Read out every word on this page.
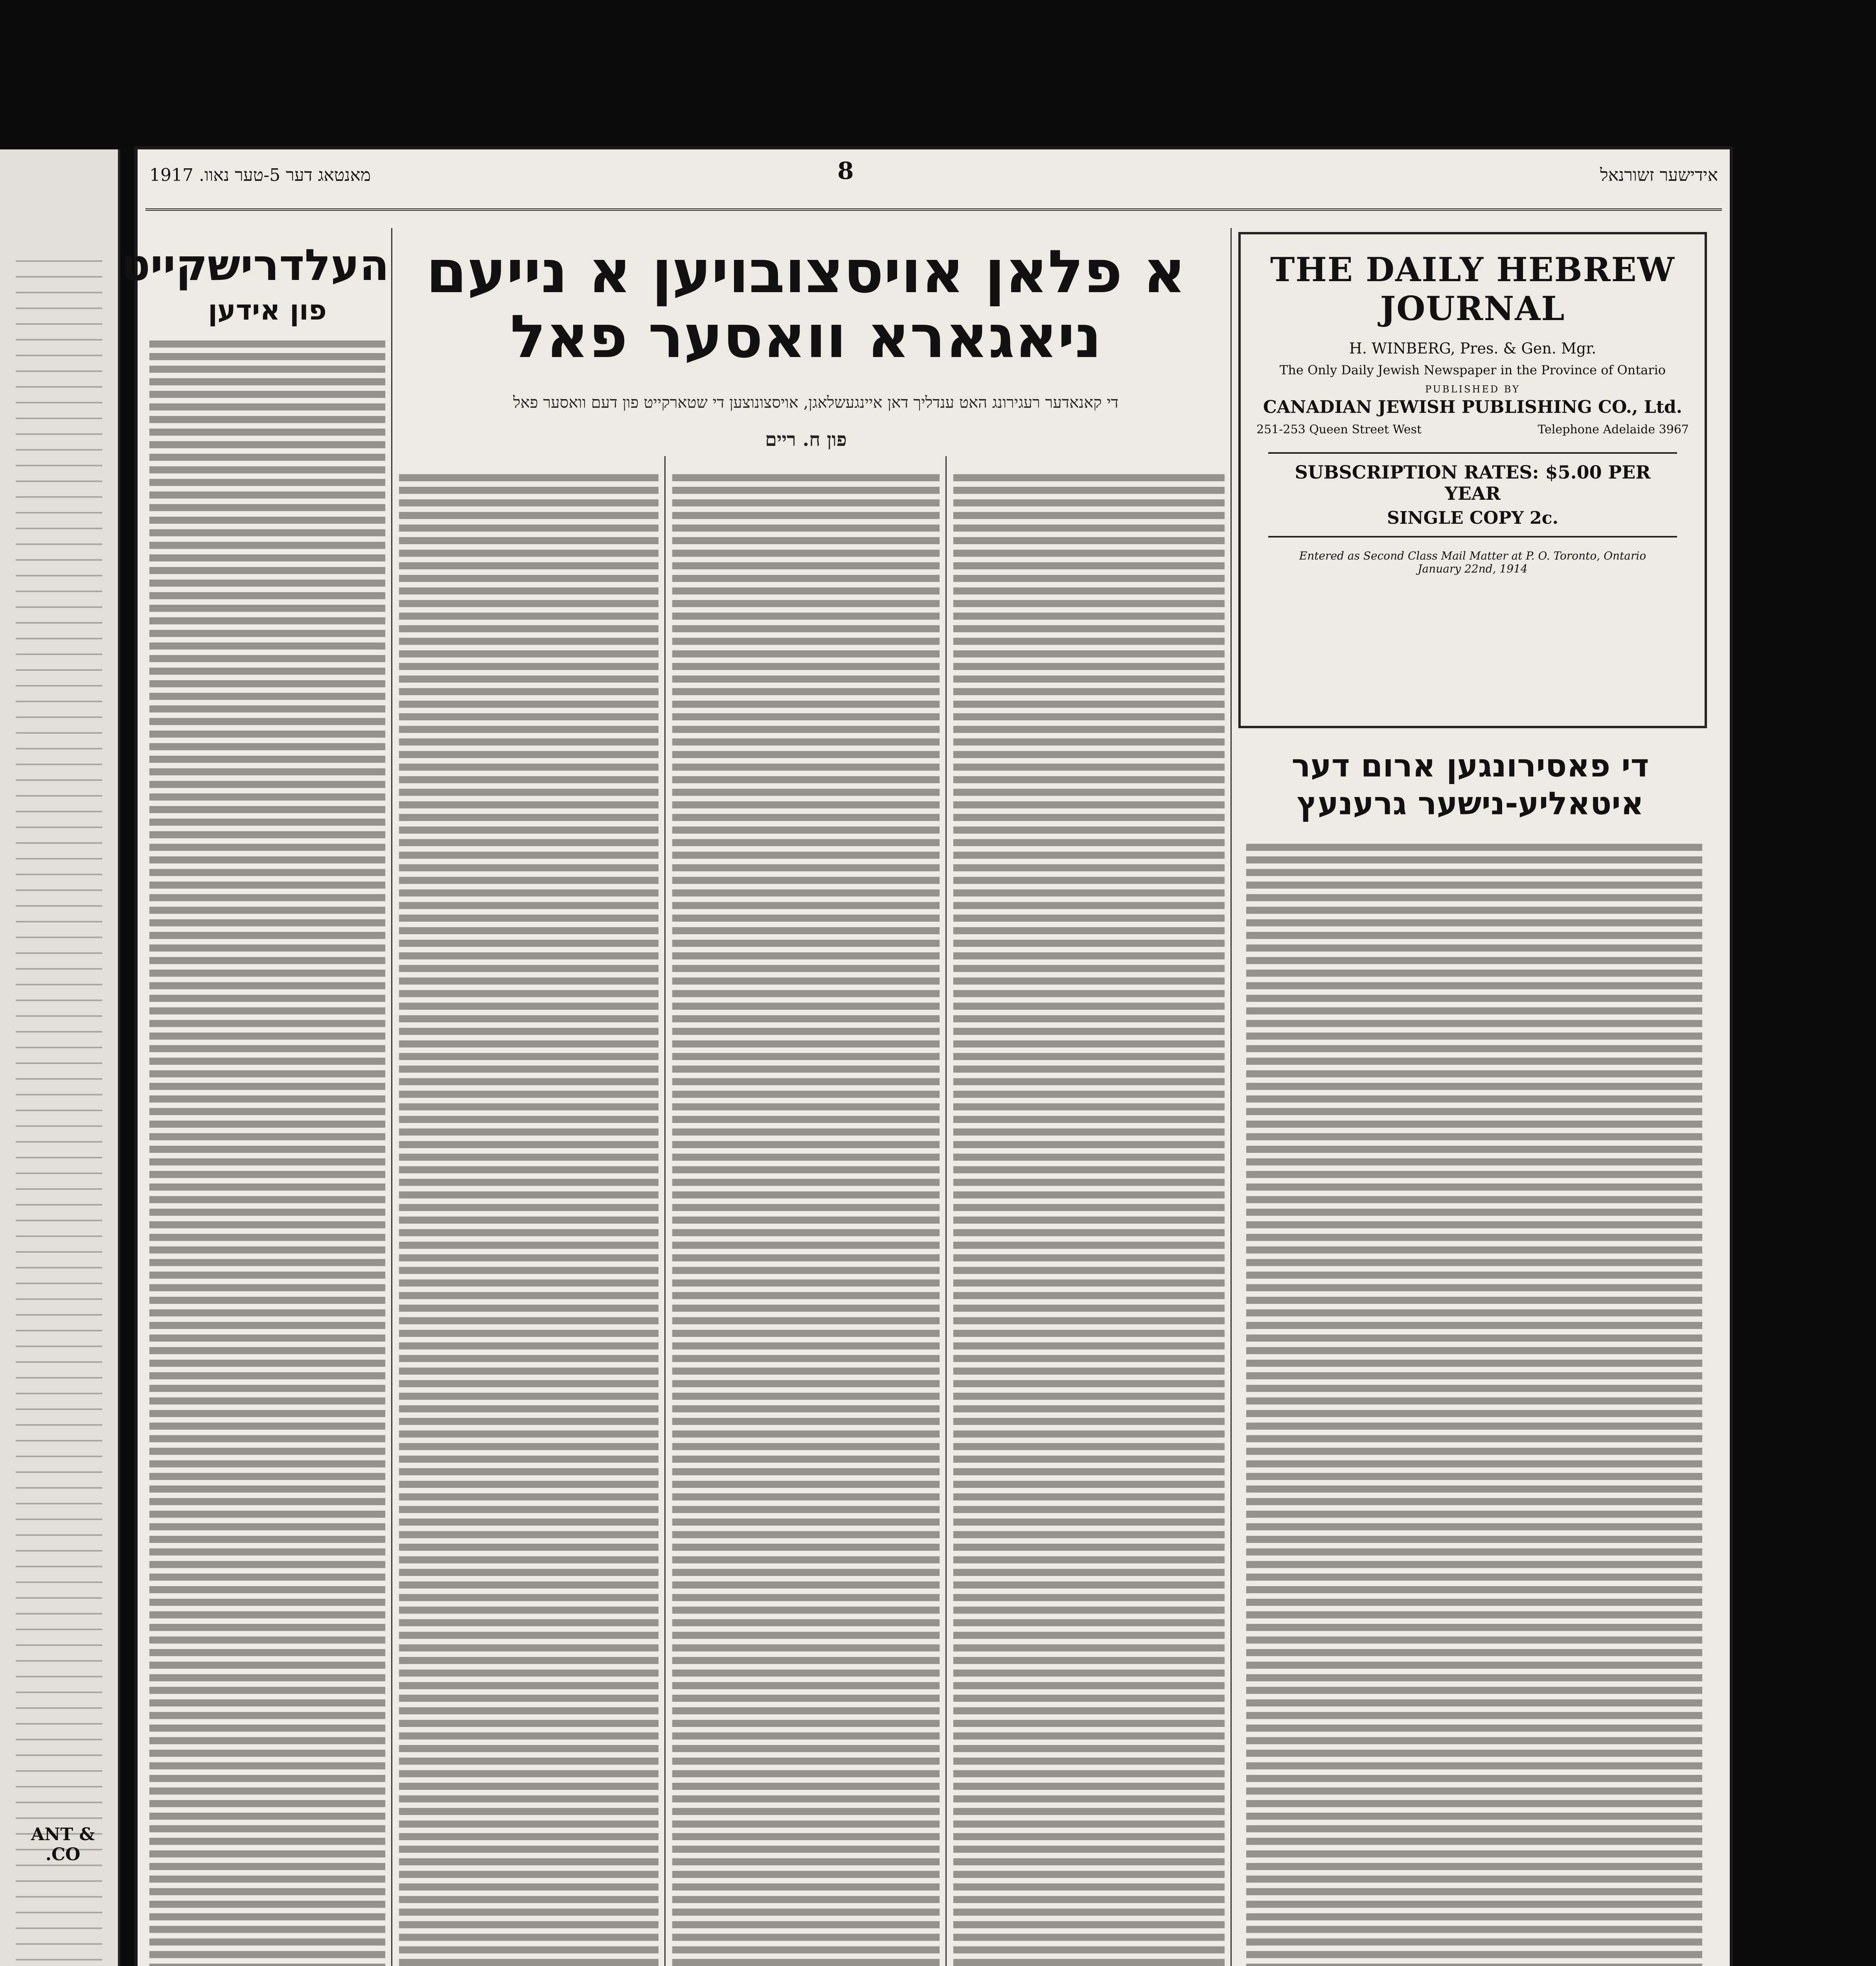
ANT & CO.
מאנטאג דער 5-טער נאוו. 1917	8	אידישער זשורנאל
THE DAILY HEBREW JOURNAL
H. WINBERG, Pres. & Gen. Mgr.
The Only Daily Jewish Newspaper in the Province of Ontario
PUBLISHED BY
CANADIAN JEWISH PUBLISHING CO., Ltd.
251-253 Queen Street West	Telephone Adelaide 3967
SUBSCRIPTION RATES: $5.00 PER YEAR
SINGLE COPY 2c.
Entered as Second Class Mail Matter at P. O. Toronto, Ontario
January 22nd, 1914
א פלאן אויסצובויען א נייעם
ניאגארא וואסער פאל
די קאנאדער רעגירונג האט ענדליך דאן איינגעשלאגן, אויסצונוצען די שטארקייט פון דעם וואסער פאל
פון ח. ריים
העלדרישקייט
פון אידען
די פאסירונגען ארום דער איטאליע-נישער גרענעץ
